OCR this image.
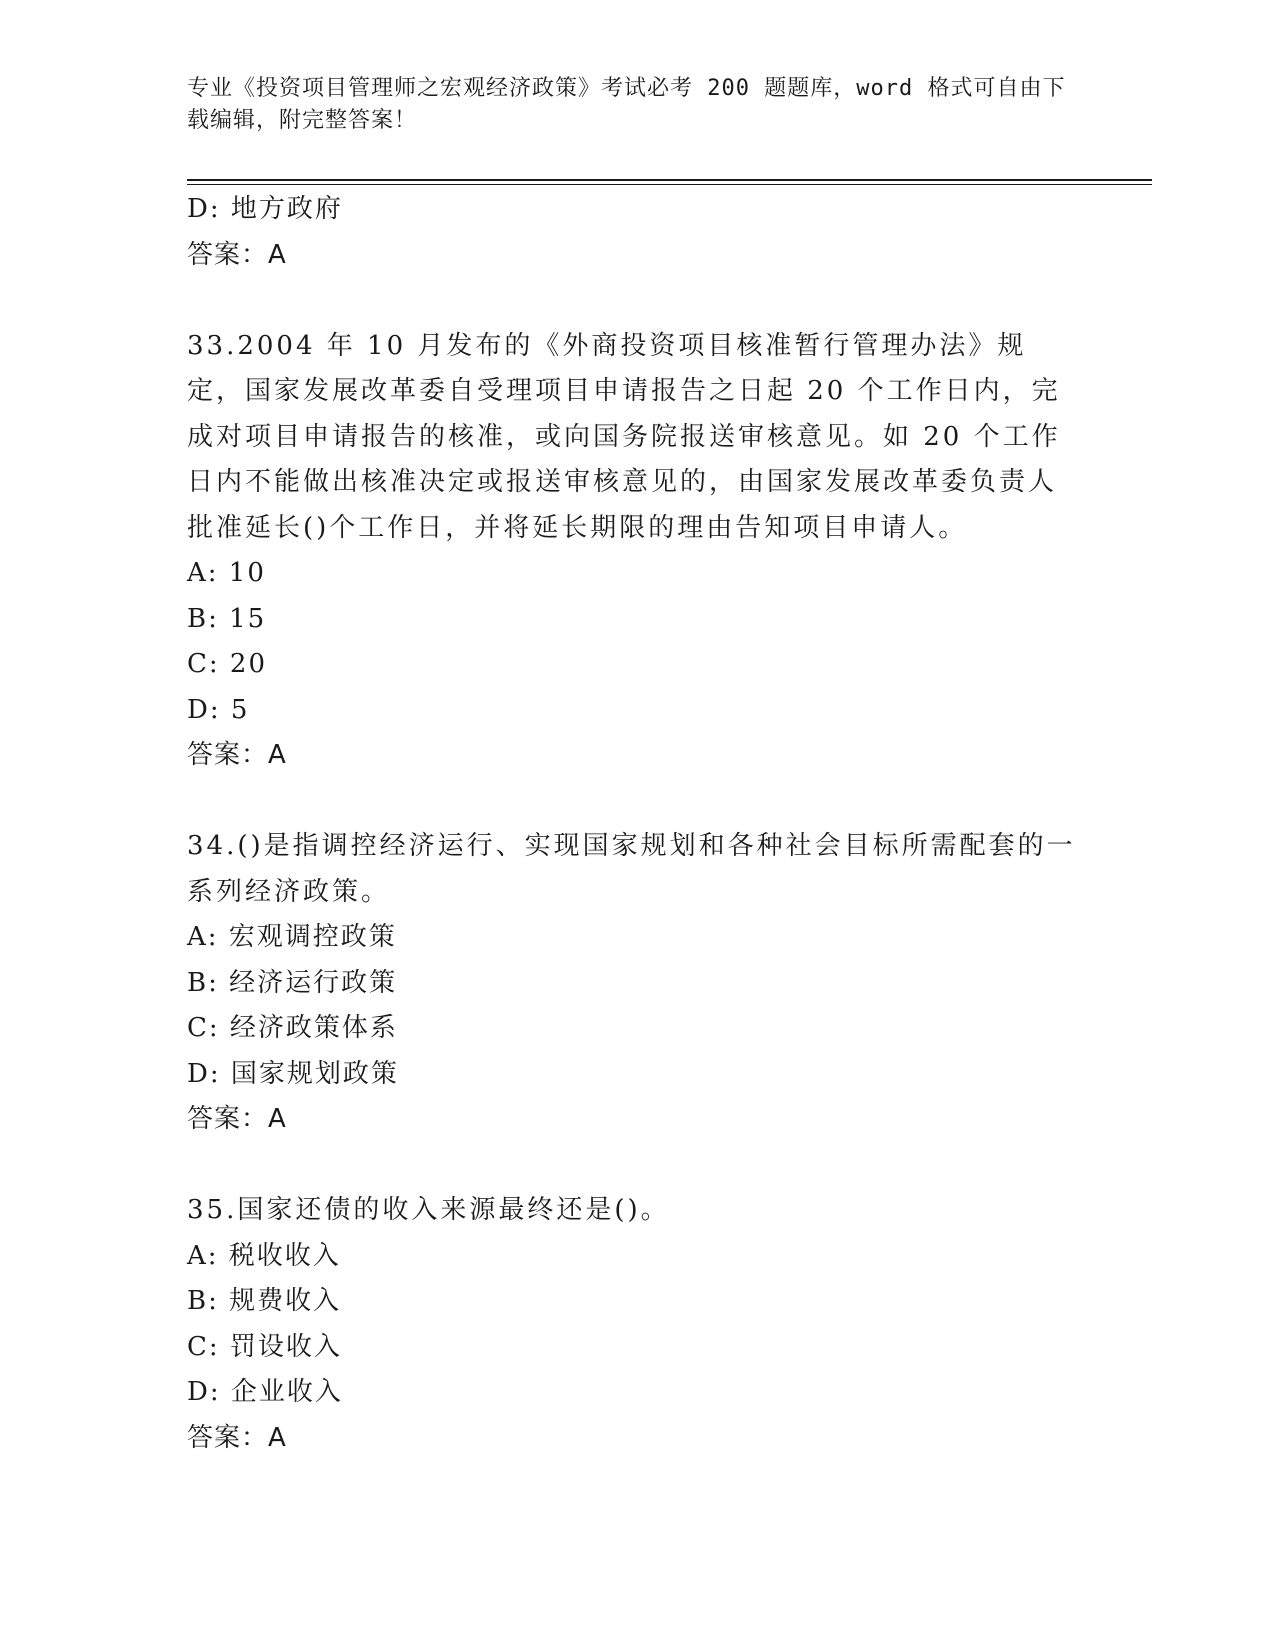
专业《投资项目管理师之宏观经济政策》考试必考 200 题题库，word 格式可自由下载编辑，附完整答案！
D: 地方政府
答案：A
33.2004 年 10 月发布的《外商投资项目核准暂行管理办法》规定，国家发展改革委自受理项目申请报告之日起 20 个工作日内，完成对项目申请报告的核准，或向国务院报送审核意见。如 20 个工作日内不能做出核准决定或报送审核意见的，由国家发展改革委负责人批准延长()个工作日，并将延长期限的理由告知项目申请人。
A: 10
B: 15
C: 20
D: 5
答案：A
34.()是指调控经济运行、实现国家规划和各种社会目标所需配套的一系列经济政策。
A: 宏观调控政策
B: 经济运行政策
C: 经济政策体系
D: 国家规划政策
答案：A
35.国家还债的收入来源最终还是()。
A: 税收收入
B: 规费收入
C: 罚设收入
D: 企业收入
答案：A
